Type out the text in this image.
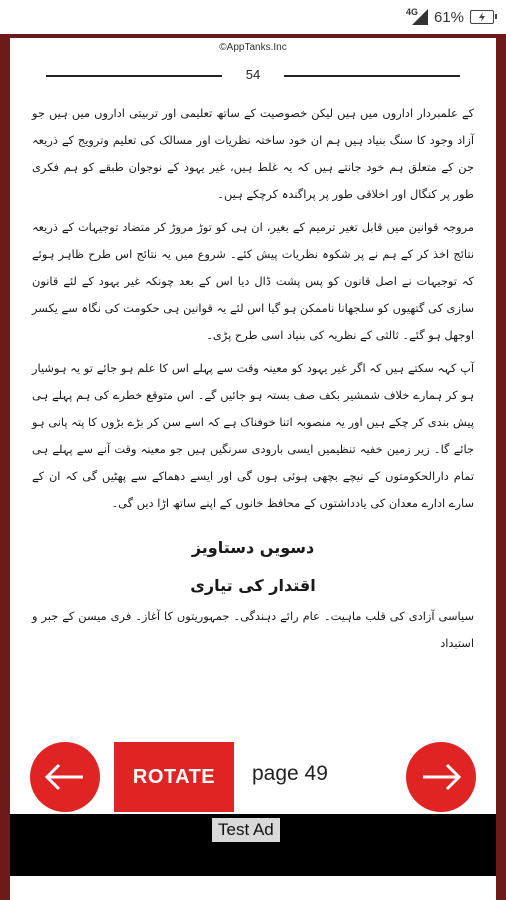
4G 61%
©AppTanks.Inc
54

کے علمبردار اداروں میں ہیں لیکن خصوصیت کے ساتھ تعلیمی اور تربیتی اداروں میں ہیں جو آزاد وجود کا سنگ بنیاد ہیں ہم ان خود ساختہ نظریات اور مسالک کی تعلیم وترویج کے ذریعہ جن کے متعلق ہم خود جانتے ہیں کہ یہ غلط ہیں، غیر یہود کے نوجوان طبقے کو ہم فکری طور پر کنگال اور اخلاقی طور پر پراگندہ کرچکے ہیں۔

مروجہ قوانین میں قابل تغیر ترمیم کے بغیر، ان ہی کو توڑ مروڑ کر متضاد توجیہات کے ذریعہ نتائج اخذ کر کے ہم نے پر شکوہ نظریات پیش کئے۔ شروع میں یہ نتائج اس طرح ظاہر ہوئے کہ توجیہات نے اصل قانون کو پس پشت ڈال دیا اس کے بعد چونکہ غیر یہود کے لئے قانون سازی کی گتھیوں کو سلجھانا ناممکن ہو گیا اس لئے یہ قوانین ہی حکومت کی نگاہ سے یکسر اوجھل ہو گئے۔ ثالثی کے نظریہ کی بنیاد اسی طرح پڑی۔

آپ کہہ سکتے ہیں کہ اگر غیر یہود کو معینہ وقت سے پہلے اس کا علم ہو جائے تو یہ ہوشیار ہو کر ہمارے خلاف شمشیر بکف صف بستہ ہو جائیں گے۔ اس متوقع خطرے کی ہم پہلے ہی پیش بندی کر چکے ہیں اور یہ منصوبہ اتنا خوفناک ہے کہ اسے سن کر بڑے بڑوں کا پتہ پانی ہو جائے گا۔ زیر زمین خفیہ تنظیمیں ایسی بارودی سرنگیں ہیں جو معینہ وقت آنے سے پہلے ہی تمام دارالحکومتوں کے نیچے بچھی ہوئی ہوں گی اور ایسے دھماکے سے پھٹیں گی کہ ان کے سارے ادارے معدان کی یادداشتوں کے محافظ خانوں کے اپنے ساتھ اڑا دیں گی۔

دسویں دستاویز
اقتدار کی تیاری

سیاسی آزادی کی قلب ماہیت۔ عام رائے دہندگی۔ جمہوریتوں کا آغاز۔ فری میسن کے جبر و استبداد

ROTATE	page 49
Test Ad
